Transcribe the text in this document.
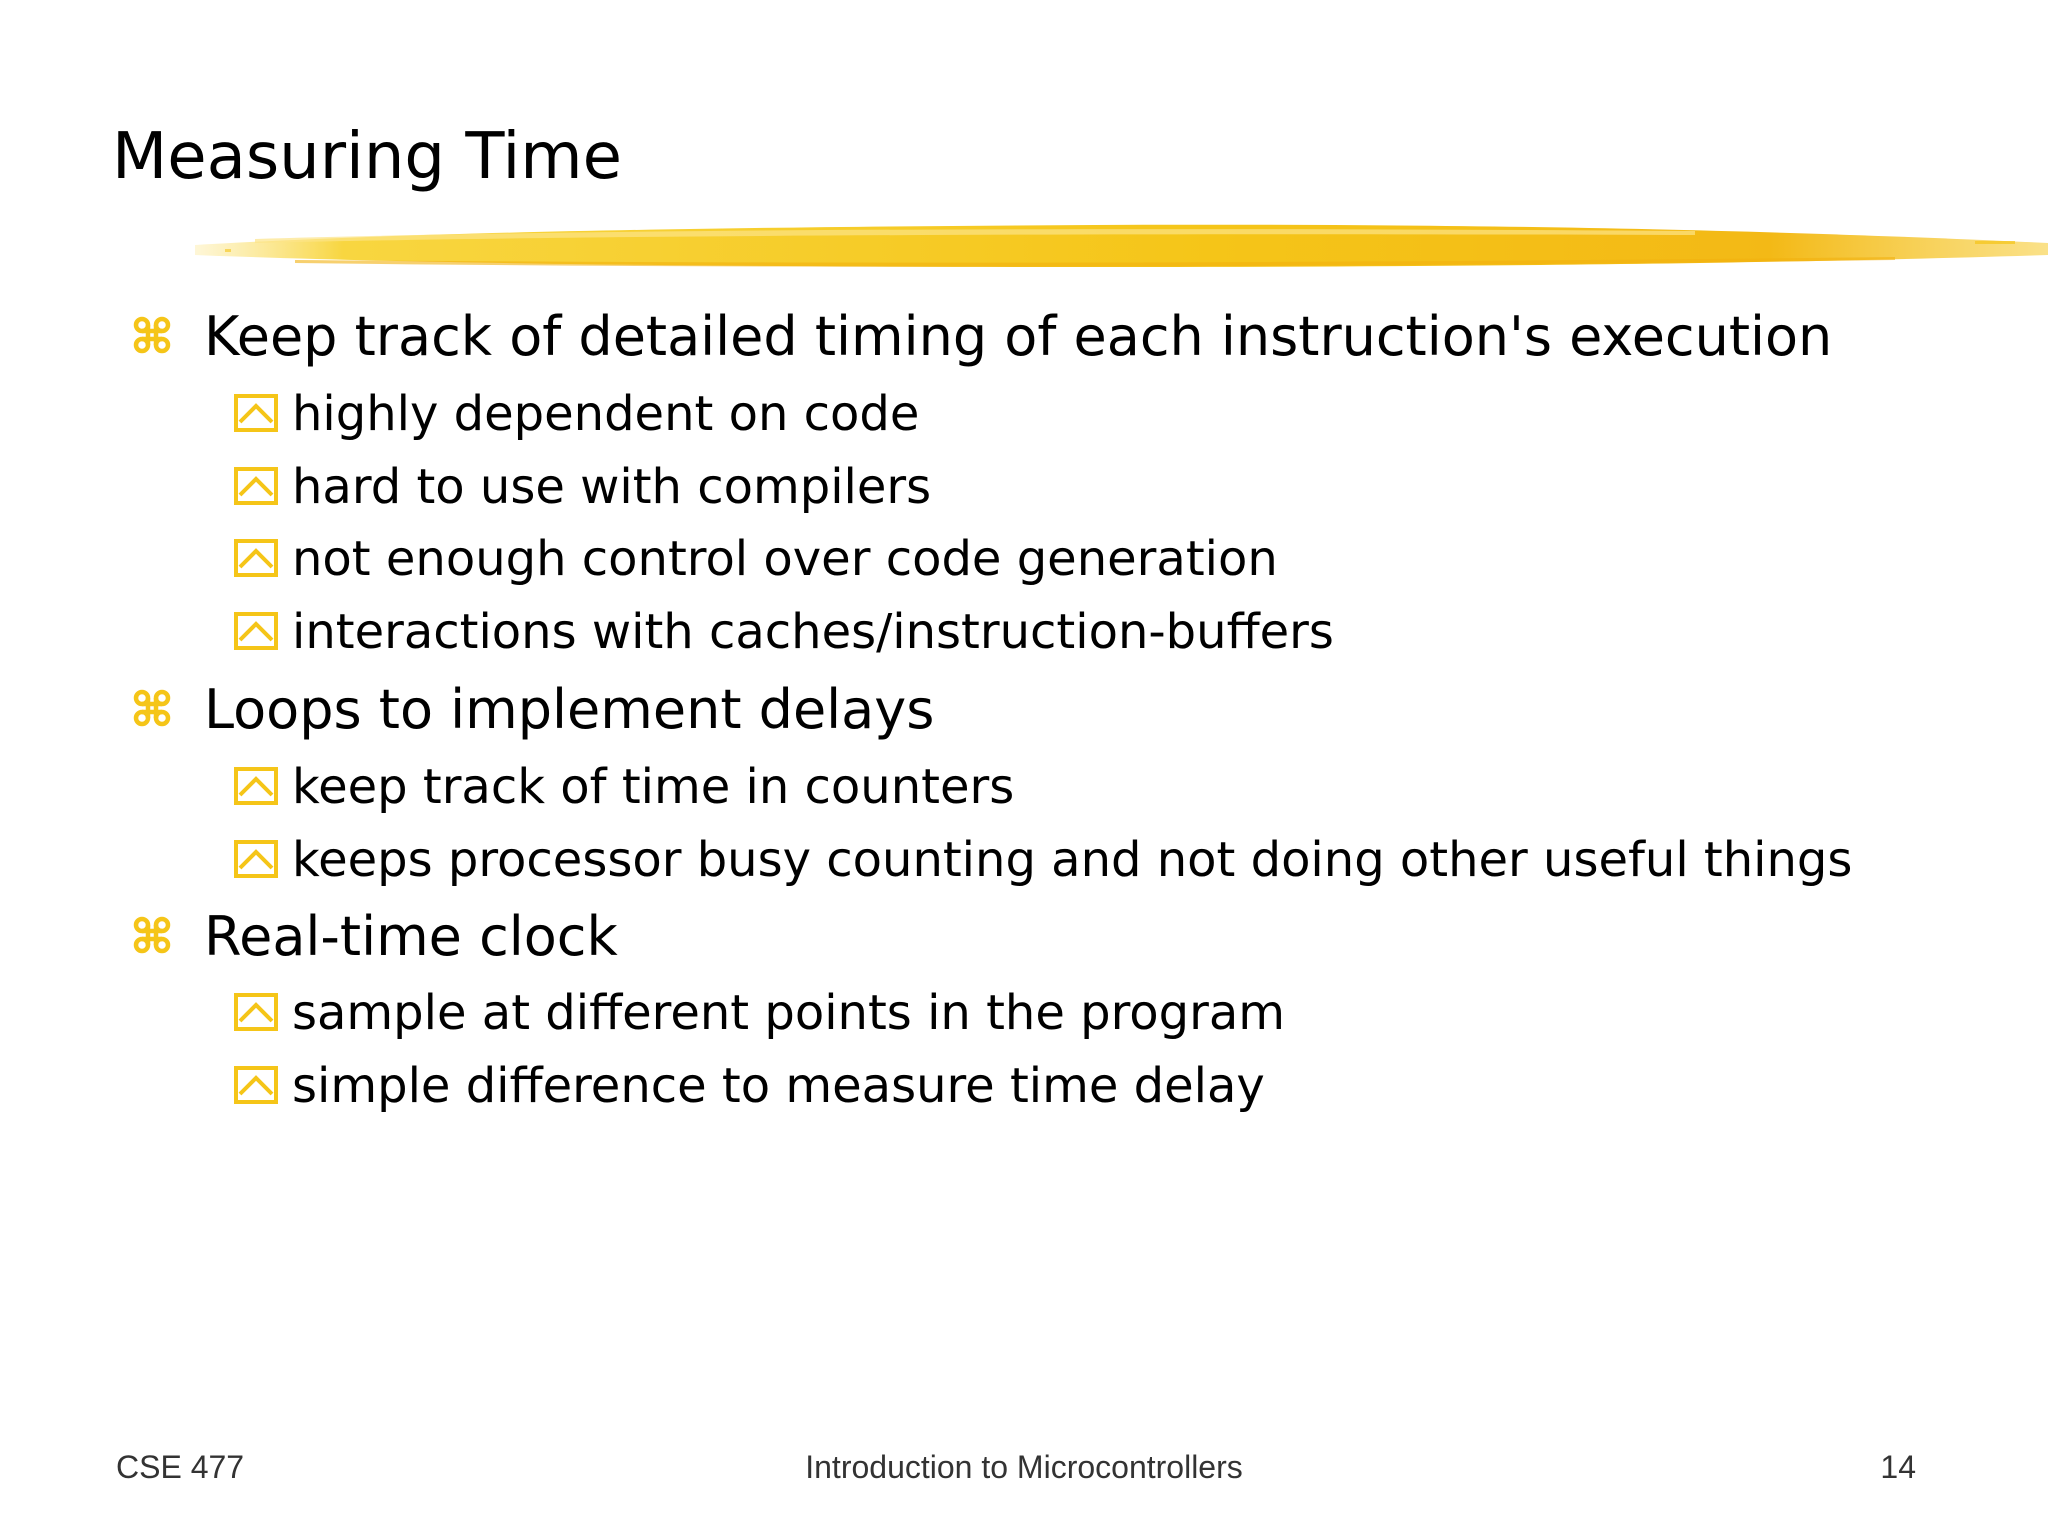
Measuring Time
Keep track of detailed timing of each instruction's execution
highly dependent on code
hard to use with compilers
not enough control over code generation
interactions with caches/instruction-buffers
Loops to implement delays
keep track of time in counters
keeps processor busy counting and not doing other useful things
Real-time clock
sample at different points in the program
simple difference to measure time delay
CSE 477	Introduction to Microcontrollers	14
